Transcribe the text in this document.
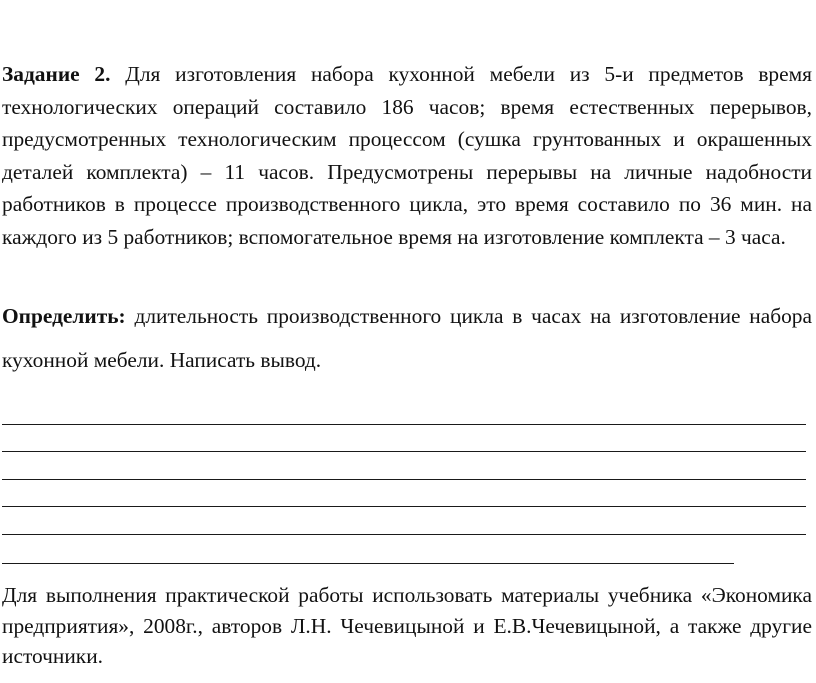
Задание 2. Для изготовления набора кухонной мебели из 5-и предметов время технологических операций составило 186 часов; время естественных перерывов, предусмотренных технологическим процессом (сушка грунтованных и окрашенных деталей комплекта) – 11 часов. Предусмотрены перерывы на личные надобности работников в процессе производственного цикла, это время составило по 36 мин. на каждого из 5 работников; вспомогательное время на изготовление комплекта – 3 часа.

Определить: длительность производственного цикла в часах на изготовление набора кухонной мебели. Написать вывод.

Для выполнения практической работы использовать материалы учебника «Экономика предприятия», 2008г., авторов Л.Н. Чечевицыной и Е.В.Чечевицыной, а также другие источники.
